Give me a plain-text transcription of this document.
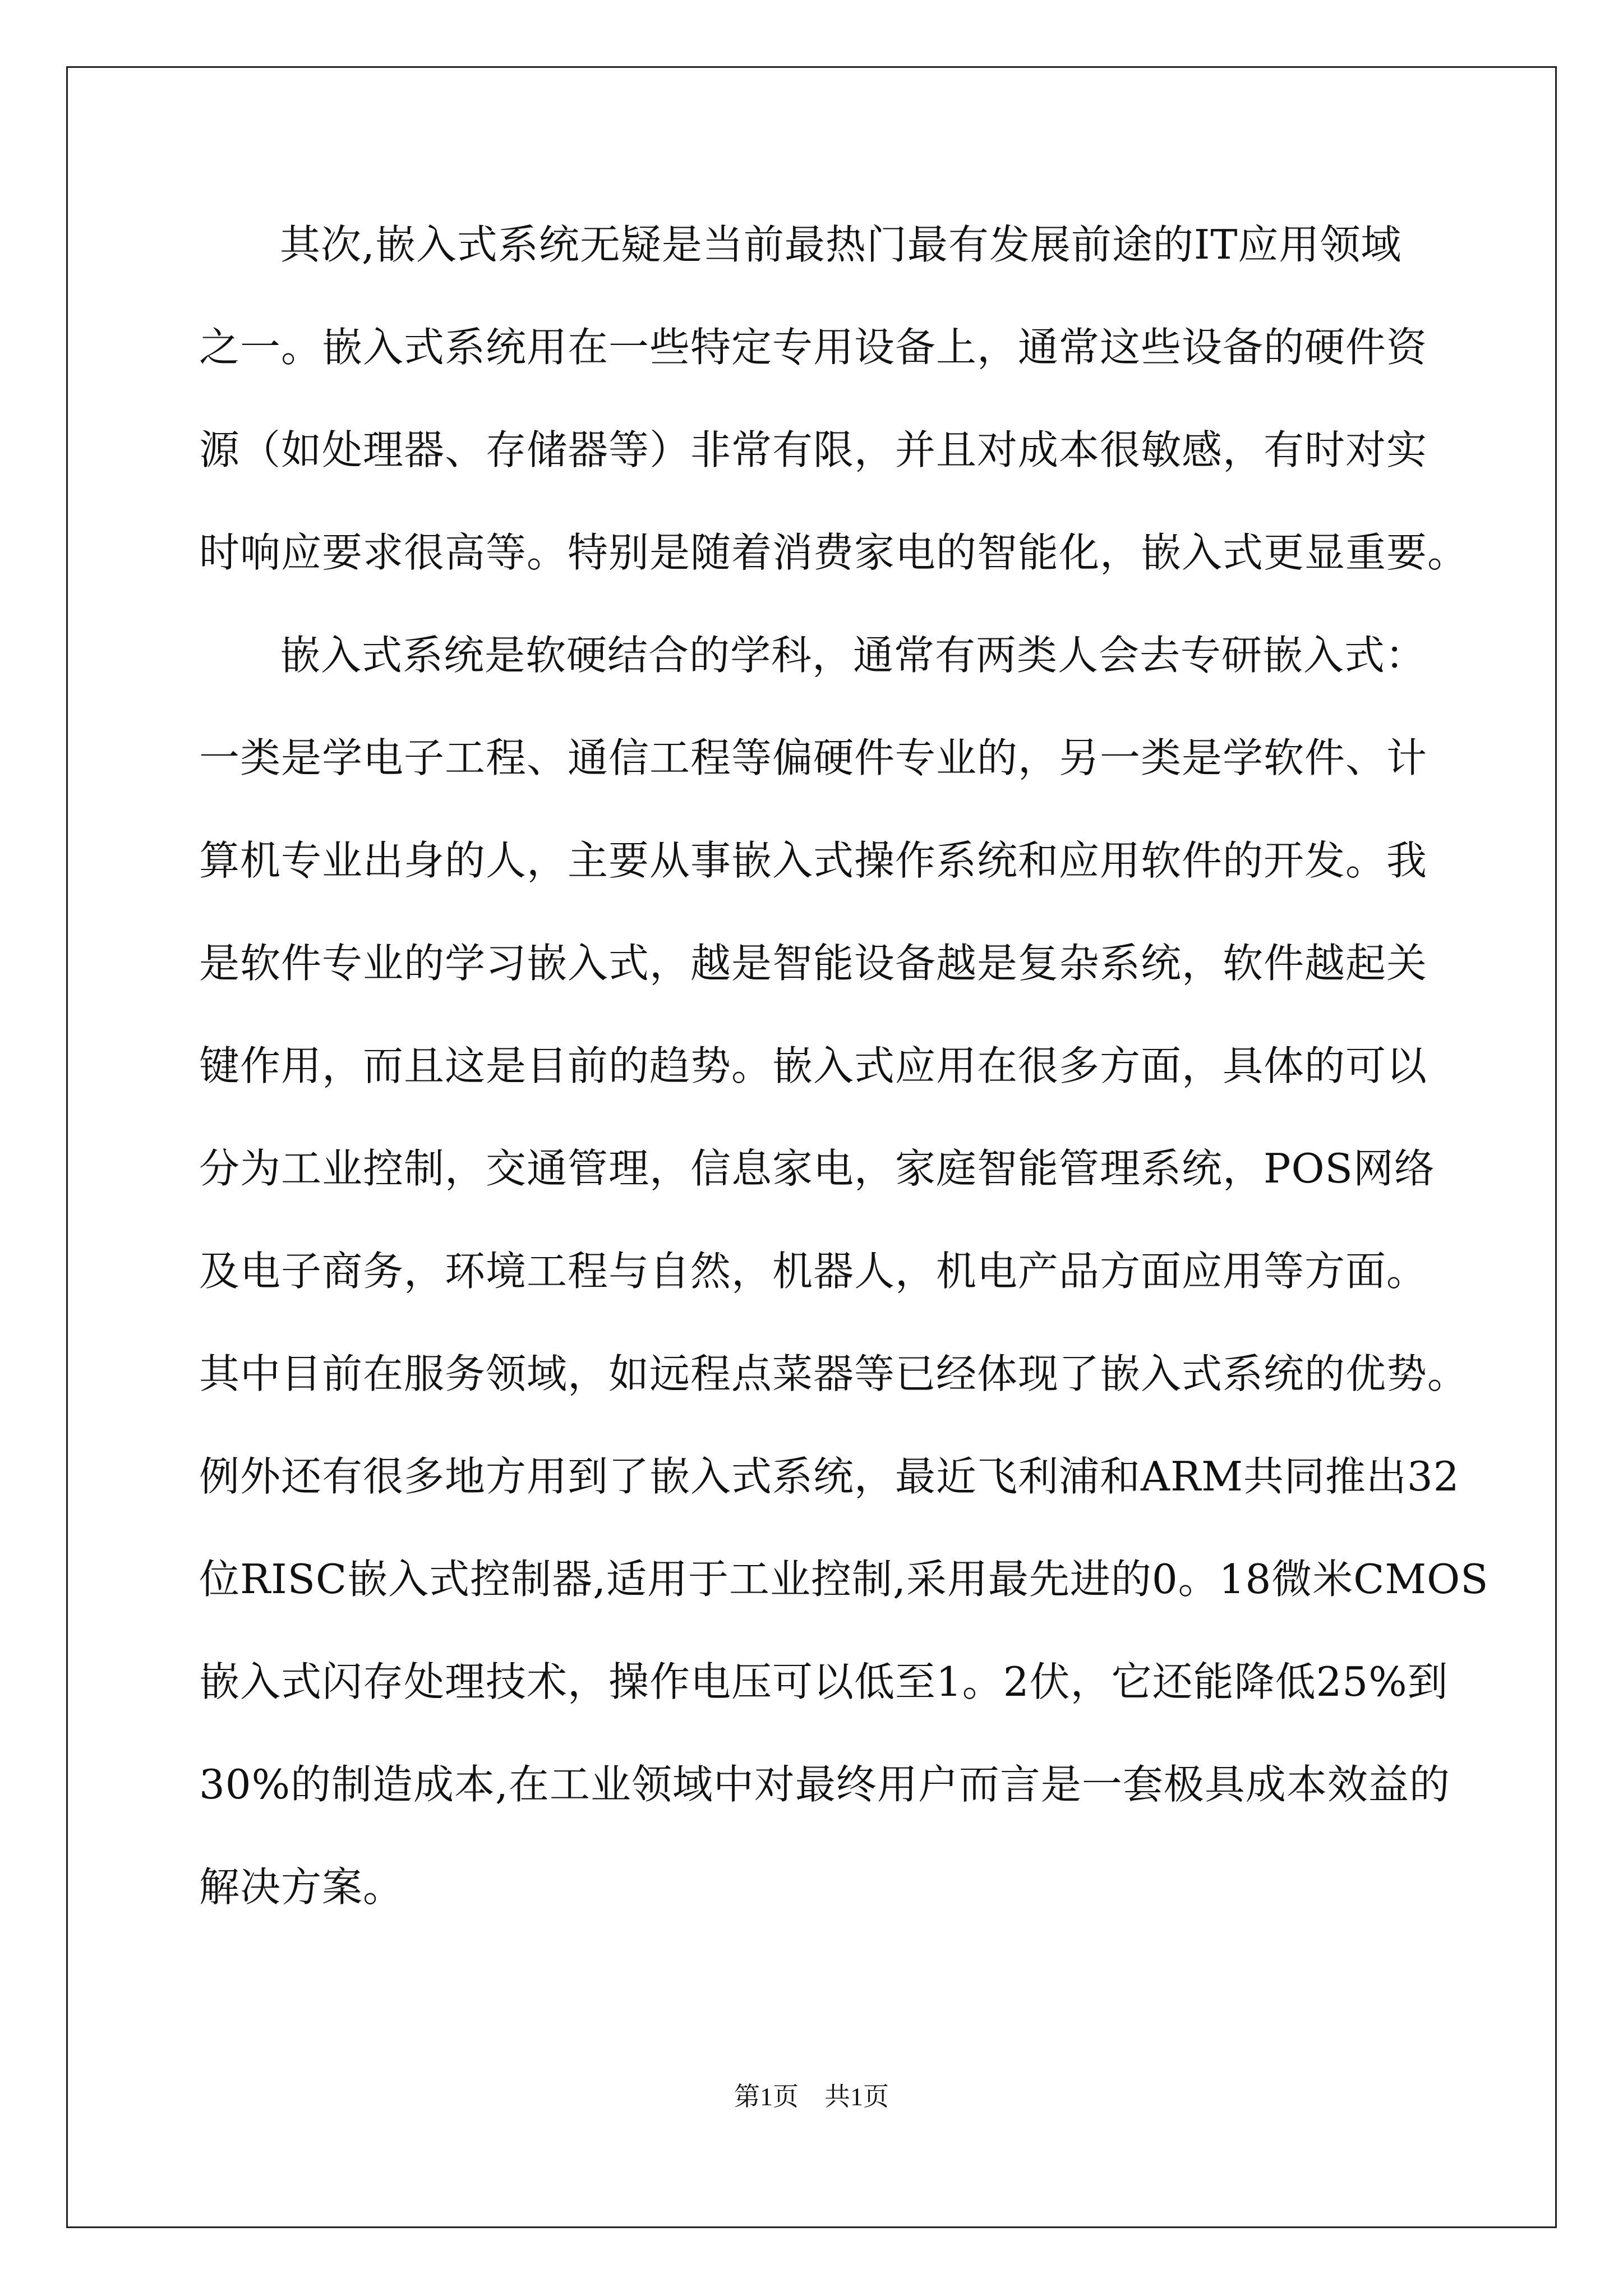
其次,嵌入式系统无疑是当前最热门最有发展前途的IT应用领域
之一。嵌入式系统用在一些特定专用设备上，通常这些设备的硬件资
源（如处理器、存储器等）非常有限，并且对成本很敏感，有时对实
时响应要求很高等。特别是随着消费家电的智能化，嵌入式更显重要。
嵌入式系统是软硬结合的学科，通常有两类人会去专研嵌入式：
一类是学电子工程、通信工程等偏硬件专业的，另一类是学软件、计
算机专业出身的人，主要从事嵌入式操作系统和应用软件的开发。我
是软件专业的学习嵌入式，越是智能设备越是复杂系统，软件越起关
键作用，而且这是目前的趋势。嵌入式应用在很多方面，具体的可以
分为工业控制，交通管理，信息家电，家庭智能管理系统，POS网络
及电子商务，环境工程与自然，机器人，机电产品方面应用等方面。
其中目前在服务领域，如远程点菜器等已经体现了嵌入式系统的优势。
例外还有很多地方用到了嵌入式系统，最近飞利浦和ARM共同推出32
位RISC嵌入式控制器,适用于工业控制,采用最先进的0。18微米CMOS
嵌入式闪存处理技术，操作电压可以低至1。2伏，它还能降低25%到
30%的制造成本,在工业领域中对最终用户而言是一套极具成本效益的
解决方案。
第1页　共1页
